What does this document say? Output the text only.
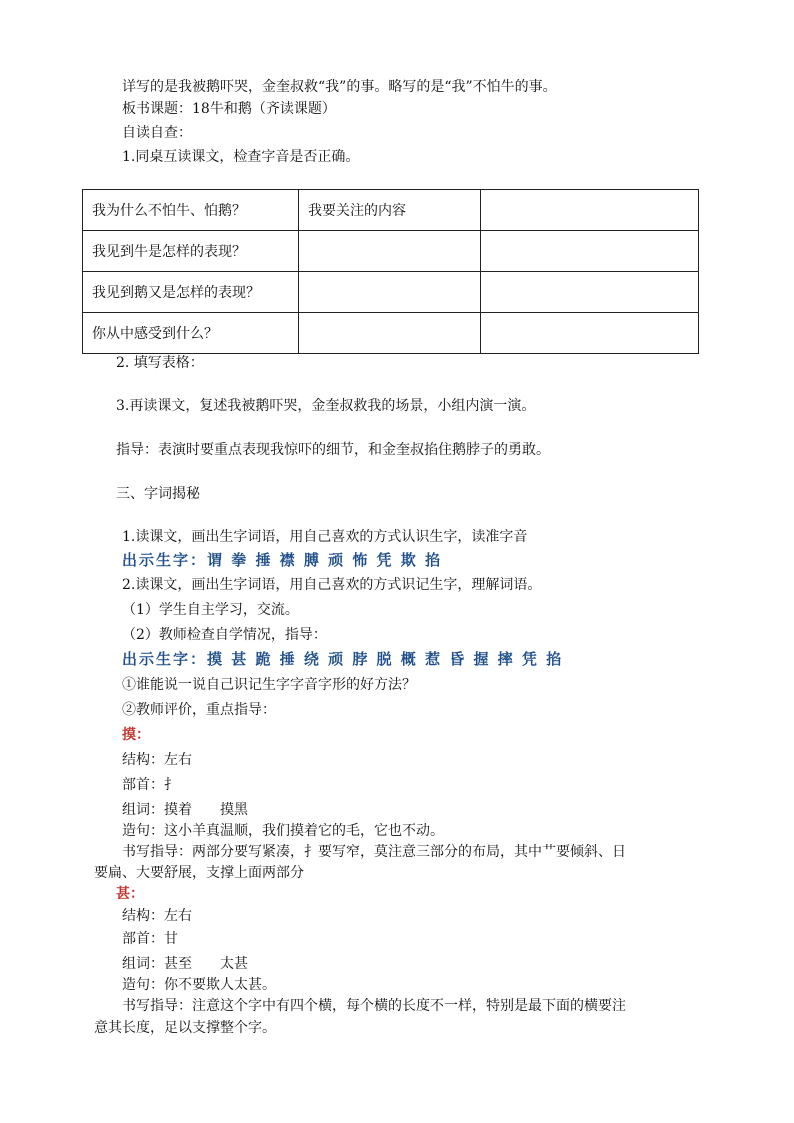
详写的是我被鹅吓哭，金奎叔救“我”的事。略写的是“我”不怕牛的事。
板书课题：18牛和鹅（齐读课题）
自读自查：
1.同桌互读课文，检查字音是否正确。
我为什么不怕牛、怕鹅？	我要关注的内容	
我见到牛是怎样的表现？		
我见到鹅又是怎样的表现？		
你从中感受到什么？		
2. 填写表格：
3.再读课文，复述我被鹅吓哭，金奎叔救我的场景，小组内演一演。
指导：表演时要重点表现我惊吓的细节，和金奎叔掐住鹅脖子的勇敢。
三、字词揭秘
1.读课文，画出生字词语，用自己喜欢的方式认识生字，读准字音
出示生字：谓 拳 捶 襟 膊 顽 怖 凭 欺 掐
2.读课文，画出生字词语，用自己喜欢的方式识记生字，理解词语。
（1）学生自主学习，交流。
（2）教师检查自学情况，指导：
出示生字：摸 甚 跪 捶 绕 顽 脖 脱 概 惹 昏 握 摔 凭 掐
①谁能说一说自己识记生字字音字形的好方法？
②教师评价，重点指导：
摸：
结构：左右
部首：扌
组词：摸着　　摸黑
造句：这小羊真温顺，我们摸着它的毛，它也不动。
书写指导：两部分要写紧凑，扌要写窄，莫注意三部分的布局，其中艹要倾斜、日
要扁、大要舒展，支撑上面两部分
甚：
结构：左右
部首：甘
组词：甚至　　太甚
造句：你不要欺人太甚。
书写指导：注意这个字中有四个横，每个横的长度不一样，特别是最下面的横要注
意其长度，足以支撑整个字。
